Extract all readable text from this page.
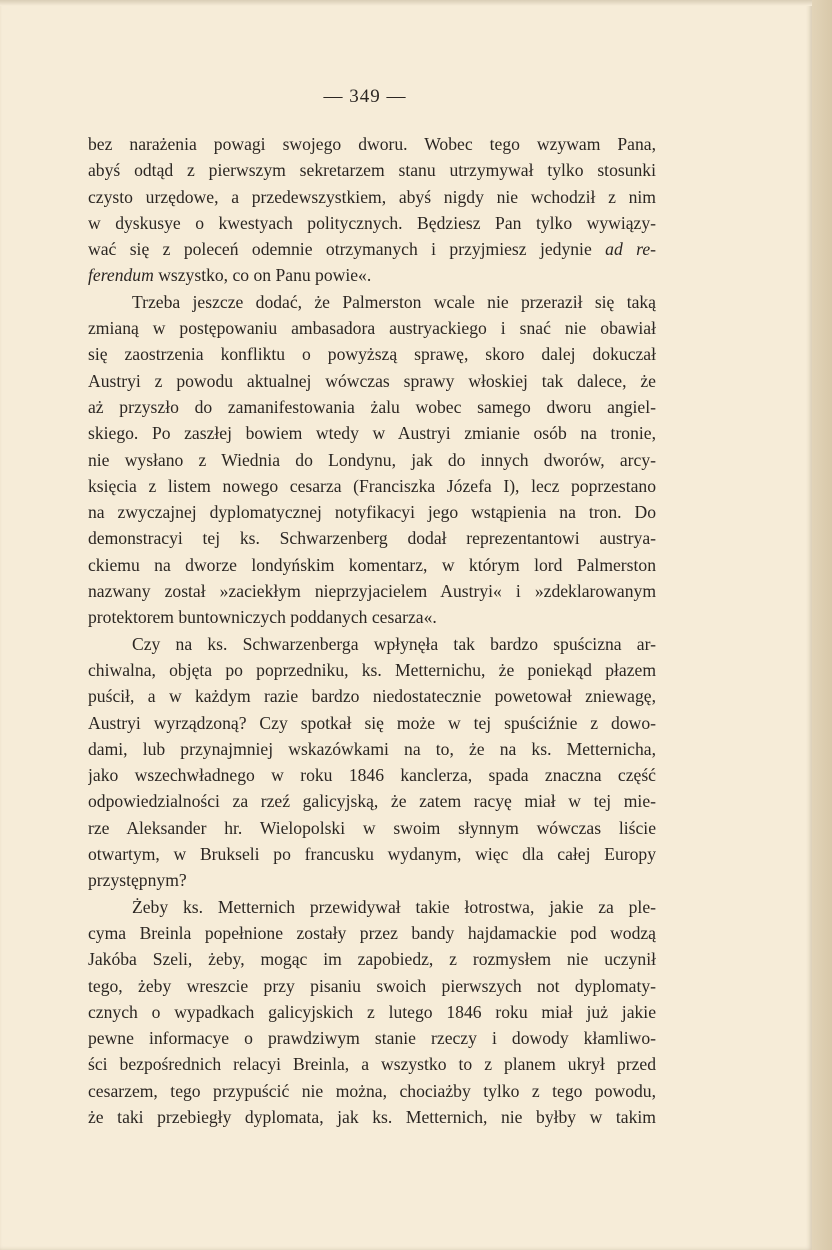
— 349 —
bez narażenia powagi swojego dworu. Wobec tego wzywam Pana,
abyś odtąd z pierwszym sekretarzem stanu utrzymywał tylko stosunki
czysto urzędowe, a przedewszystkiem, abyś nigdy nie wchodził z nim
w dyskusye o kwestyach politycznych. Będziesz Pan tylko wywiązy-
wać się z poleceń odemnie otrzymanych i przyjmiesz jedynie ad re-
ferendum wszystko, co on Panu powie«.
Trzeba jeszcze dodać, że Palmerston wcale nie przeraził się taką
zmianą w postępowaniu ambasadora austryackiego i snać nie obawiał
się zaostrzenia konfliktu o powyższą sprawę, skoro dalej dokuczał
Austryi z powodu aktualnej wówczas sprawy włoskiej tak dalece, że
aż przyszło do zamanifestowania żalu wobec samego dworu angiel-
skiego. Po zaszłej bowiem wtedy w Austryi zmianie osób na tronie,
nie wysłano z Wiednia do Londynu, jak do innych dworów, arcy-
księcia z listem nowego cesarza (Franciszka Józefa I), lecz poprzestano
na zwyczajnej dyplomatycznej notyfikacyi jego wstąpienia na tron. Do
demonstracyi tej ks. Schwarzenberg dodał reprezentantowi austrya-
ckiemu na dworze londyńskim komentarz, w którym lord Palmerston
nazwany został »zaciekłym nieprzyjacielem Austryi« i »zdeklarowanym
protektorem buntowniczych poddanych cesarza«.
Czy na ks. Schwarzenberga wpłynęła tak bardzo spuścizna ar-
chiwalna, objęta po poprzedniku, ks. Metternichu, że poniekąd płazem
puścił, a w każdym razie bardzo niedostatecznie powetował zniewagę,
Austryi wyrządzoną? Czy spotkał się może w tej spuściźnie z dowo-
dami, lub przynajmniej wskazówkami na to, że na ks. Metternicha,
jako wszechwładnego w roku 1846 kanclerza, spada znaczna część
odpowiedzialności za rzeź galicyjską, że zatem racyę miał w tej mie-
rze Aleksander hr. Wielopolski w swoim słynnym wówczas liście
otwartym, w Brukseli po francusku wydanym, więc dla całej Europy
przystępnym?
Żeby ks. Metternich przewidywał takie łotrostwa, jakie za ple-
cyma Breinla popełnione zostały przez bandy hajdamackie pod wodzą
Jakóba Szeli, żeby, mogąc im zapobiedz, z rozmysłem nie uczynił
tego, żeby wreszcie przy pisaniu swoich pierwszych not dyplomaty-
cznych o wypadkach galicyjskich z lutego 1846 roku miał już jakie
pewne informacye o prawdziwym stanie rzeczy i dowody kłamliwo-
ści bezpośrednich relacyi Breinla, a wszystko to z planem ukrył przed
cesarzem, tego przypuścić nie można, chociażby tylko z tego powodu,
że taki przebiegły dyplomata, jak ks. Metternich, nie byłby w takim
